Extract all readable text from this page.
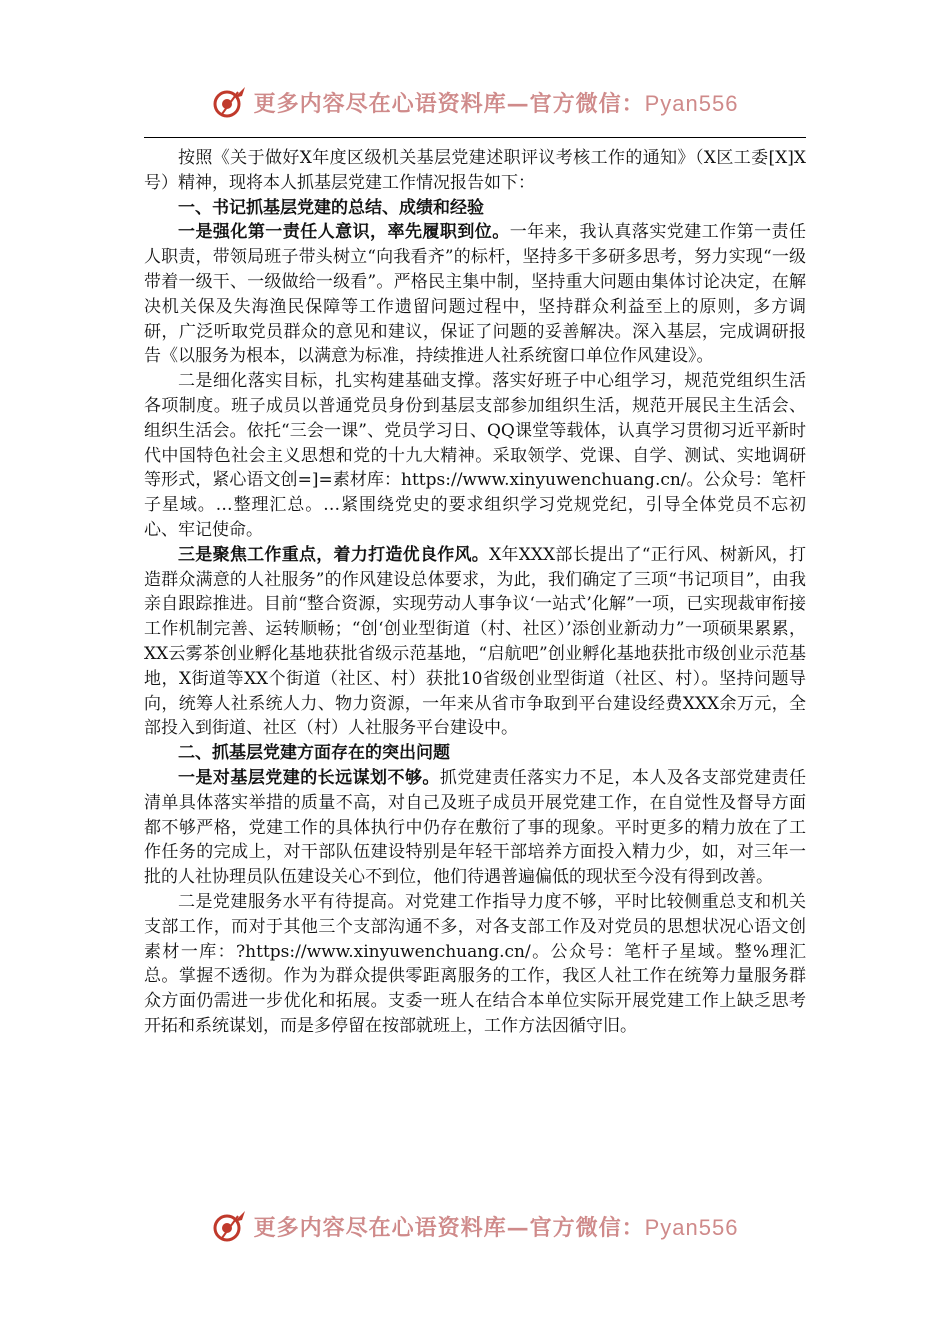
更多内容尽在心语资料库—官方微信：Pyan556

按照《关于做好X年度区级机关基层党建述职评议考核工作的通知》（X区工委[X]X号）精神，现将本人抓基层党建工作情况报告如下：

一、书记抓基层党建的总结、成绩和经验

一是强化第一责任人意识，率先履职到位。一年来，我认真落实党建工作第一责任人职责，带领局班子带头树立“向我看齐”的标杆，坚持多干多研多思考，努力实现“一级带着一级干、一级做给一级看”。严格民主集中制，坚持重大问题由集体讨论决定，在解决机关保及失海渔民保障等工作遗留问题过程中，坚持群众利益至上的原则，多方调研，广泛听取党员群众的意见和建议，保证了问题的妥善解决。深入基层，完成调研报告《以服务为根本，以满意为标准，持续推进人社系统窗口单位作风建设》。

二是细化落实目标，扎实构建基础支撑。落实好班子中心组学习，规范党组织生活各项制度。班子成员以普通党员身份到基层支部参加组织生活，规范开展民主生活会、组织生活会。依托“三会一课”、党员学习日、QQ课堂等载体，认真学习贯彻习近平新时代中国特色社会主义思想和党的十九大精神。采取领学、党课、自学、测试、实地调研等形式，紧心语文创=]=素材库：https://www.xinyuwenchuang.cn/。公众号：笔杆子星域。…整理汇总。…紧围绕党史的要求组织学习党规党纪，引导全体党员不忘初心、牢记使命。

三是聚焦工作重点，着力打造优良作风。X年XXX部长提出了“正行风、树新风，打造群众满意的人社服务”的作风建设总体要求，为此，我们确定了三项“书记项目”，由我亲自跟踪推进。目前“整合资源，实现劳动人事争议‘一站式’化解”一项，已实现裁审衔接工作机制完善、运转顺畅；“创‘创业型街道（村、社区）’添创业新动力”一项硕果累累，XX云雾茶创业孵化基地获批省级示范基地，“启航吧”创业孵化基地获批市级创业示范基地，X街道等XX个街道（社区、村）获批10省级创业型街道（社区、村）。坚持问题导向，统筹人社系统人力、物力资源，一年来从省市争取到平台建设经费XXX余万元，全部投入到街道、社区（村）人社服务平台建设中。

二、抓基层党建方面存在的突出问题

一是对基层党建的长远谋划不够。抓党建责任落实力不足，本人及各支部党建责任清单具体落实举措的质量不高，对自己及班子成员开展党建工作，在自觉性及督导方面都不够严格，党建工作的具体执行中仍存在敷衍了事的现象。平时更多的精力放在了工作任务的完成上，对干部队伍建设特别是年轻干部培养方面投入精力少，如，对三年一批的人社协理员队伍建设关心不到位，他们待遇普遍偏低的现状至今没有得到改善。

二是党建服务水平有待提高。对党建工作指导力度不够，平时比较侧重总支和机关支部工作，而对于其他三个支部沟通不多，对各支部工作及对党员的思想状况心语文创素材一库：?https://www.xinyuwenchuang.cn/。公众号：笔杆子星域。整%理汇总。掌握不透彻。作为为群众提供零距离服务的工作，我区人社工作在统筹力量服务群众方面仍需进一步优化和拓展。支委一班人在结合本单位实际开展党建工作上缺乏思考开拓和系统谋划，而是多停留在按部就班上，工作方法因循守旧。

更多内容尽在心语资料库—官方微信：Pyan556
